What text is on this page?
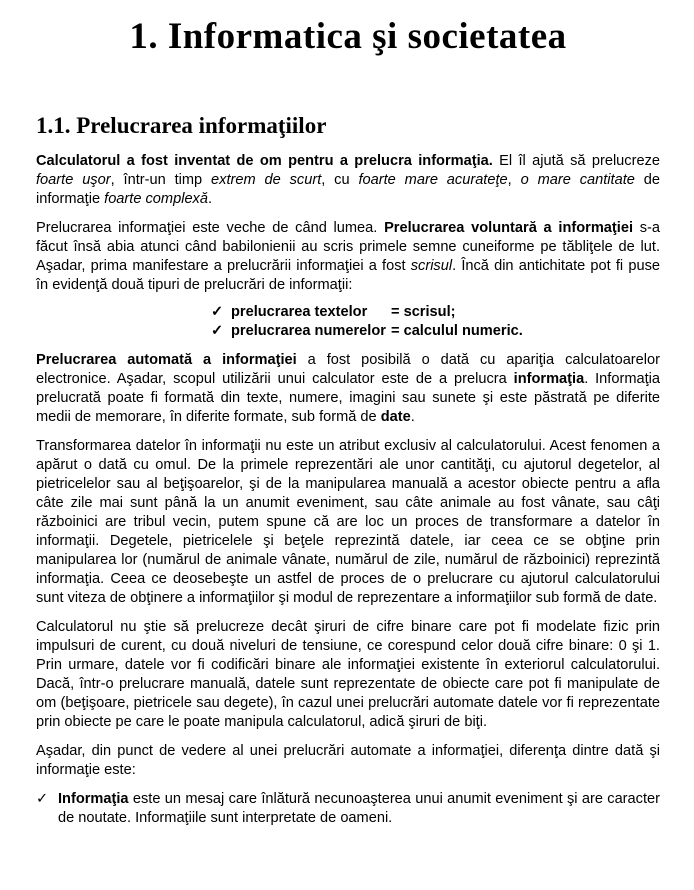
1. Informatica şi societatea
1.1. Prelucrarea informaţiilor

Calculatorul a fost inventat de om pentru a prelucra informaţia. El îl ajută să prelucreze foarte uşor, într-un timp extrem de scurt, cu foarte mare acurateţe, o mare cantitate de informaţie foarte complexă.

Prelucrarea informaţiei este veche de când lumea. Prelucrarea voluntară a informaţiei s-a făcut însă abia atunci când babilonienii au scris primele semne cuneiforme pe tăbliţele de lut. Aşadar, prima manifestare a prelucrării informaţiei a fost scrisul. Încă din antichitate pot fi puse în evidenţă două tipuri de prelucrări de informaţii:

✓ prelucrarea textelor	= scrisul;
✓ prelucrarea numerelor = calculul numeric.

Prelucrarea automată a informaţiei a fost posibilă o dată cu apariţia calculatoarelor electronice. Aşadar, scopul utilizării unui calculator este de a prelucra informaţia. Informaţia prelucrată poate fi formată din texte, numere, imagini sau sunete şi este păstrată pe diferite medii de memorare, în diferite formate, sub formă de date.

Transformarea datelor în informaţii nu este un atribut exclusiv al calculatorului. Acest fenomen a apărut o dată cu omul. De la primele reprezentări ale unor cantităţi, cu ajutorul degetelor, al pietricelelor sau al beţişoarelor, şi de la manipularea manuală a acestor obiecte pentru a afla câte zile mai sunt până la un anumit eveniment, sau câte animale au fost vânate, sau câţi războinici are tribul vecin, putem spune că are loc un proces de transformare a datelor în informaţii. Degetele, pietricelele şi beţele reprezintă datele, iar ceea ce se obţine prin manipularea lor (numărul de animale vânate, numărul de zile, numărul de războinici) reprezintă informaţia. Ceea ce deosebeşte un astfel de proces de o prelucrare cu ajutorul calculatorului sunt viteza de obţinere a informaţiilor şi modul de reprezentare a informaţiilor sub formă de date.

Calculatorul nu ştie să prelucreze decât şiruri de cifre binare care pot fi modelate fizic prin impulsuri de curent, cu două niveluri de tensiune, ce corespund celor două cifre binare: 0 şi 1. Prin urmare, datele vor fi codificări binare ale informaţiei existente în exteriorul calculatorului. Dacă, într-o prelucrare manuală, datele sunt reprezentate de obiecte care pot fi manipulate de om (beţişoare, pietricele sau degete), în cazul unei prelucrări automate datele vor fi reprezentate prin obiecte pe care le poate manipula calculatorul, adică şiruri de biţi.

Aşadar, din punct de vedere al unei prelucrări automate a informaţiei, diferenţa dintre dată şi informaţie este:

✓ Informaţia este un mesaj care înlătură necunoaşterea unui anumit eveniment şi are caracter de noutate. Informaţiile sunt interpretate de oameni.
